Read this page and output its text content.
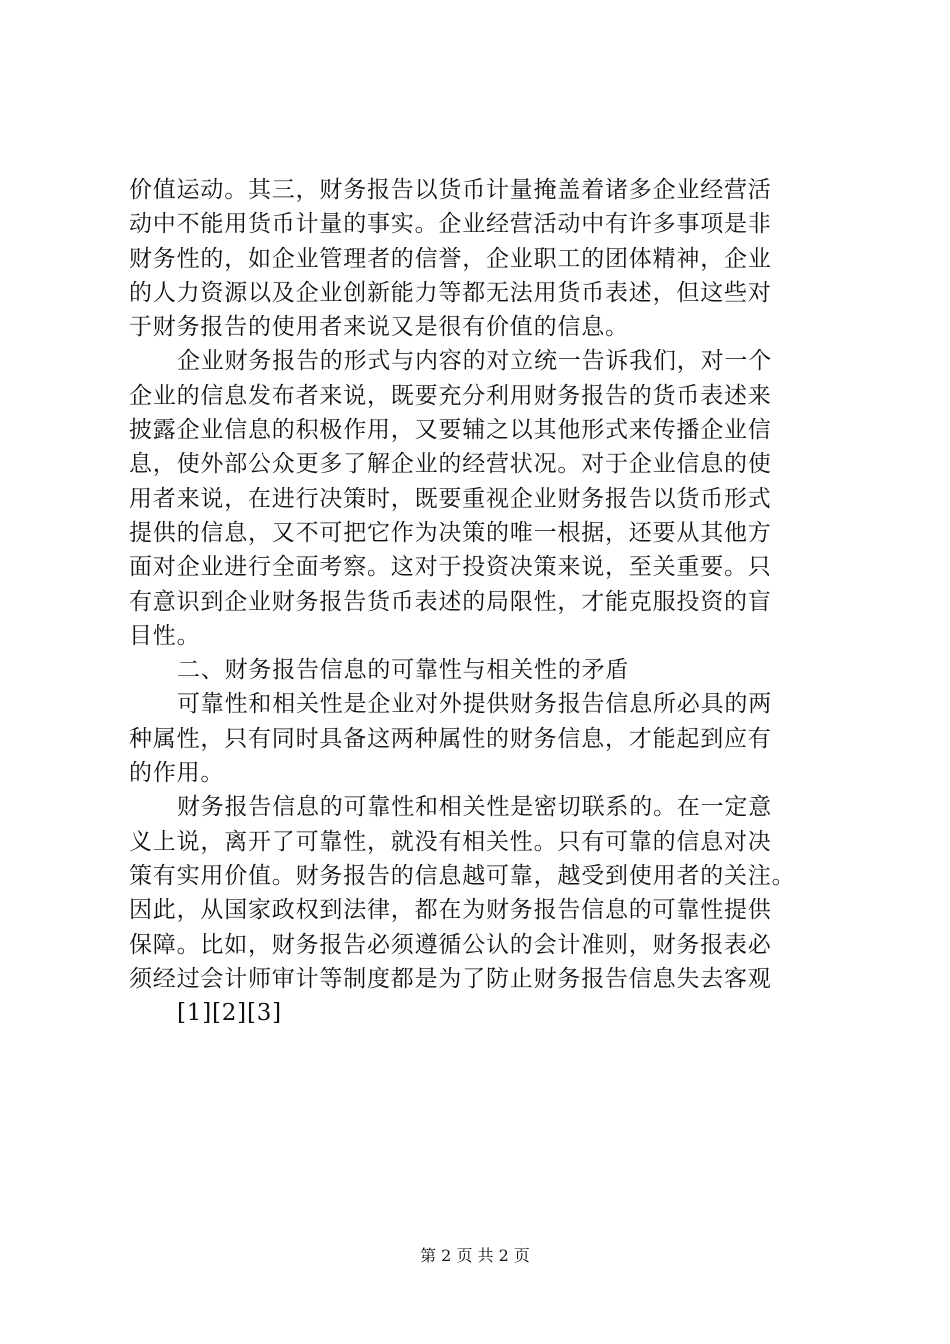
价值运动。其三，财务报告以货币计量掩盖着诸多企业经营活
动中不能用货币计量的事实。企业经营活动中有许多事项是非
财务性的，如企业管理者的信誉，企业职工的团体精神，企业
的人力资源以及企业创新能力等都无法用货币表述，但这些对
于财务报告的使用者来说又是很有价值的信息。
企业财务报告的形式与内容的对立统一告诉我们，对一个
企业的信息发布者来说，既要充分利用财务报告的货币表述来
披露企业信息的积极作用，又要辅之以其他形式来传播企业信
息，使外部公众更多了解企业的经营状况。对于企业信息的使
用者来说，在进行决策时，既要重视企业财务报告以货币形式
提供的信息，又不可把它作为决策的唯一根据，还要从其他方
面对企业进行全面考察。这对于投资决策来说，至关重要。只
有意识到企业财务报告货币表述的局限性，才能克服投资的盲
目性。
二、财务报告信息的可靠性与相关性的矛盾
可靠性和相关性是企业对外提供财务报告信息所必具的两
种属性，只有同时具备这两种属性的财务信息，才能起到应有
的作用。
财务报告信息的可靠性和相关性是密切联系的。在一定意
义上说，离开了可靠性，就没有相关性。只有可靠的信息对决
策有实用价值。财务报告的信息越可靠，越受到使用者的关注。
因此，从国家政权到法律，都在为财务报告信息的可靠性提供
保障。比如，财务报告必须遵循公认的会计准则，财务报表必
须经过会计师审计等制度都是为了防止财务报告信息失去客观
[1][2][3]
第 2 页 共 2 页
